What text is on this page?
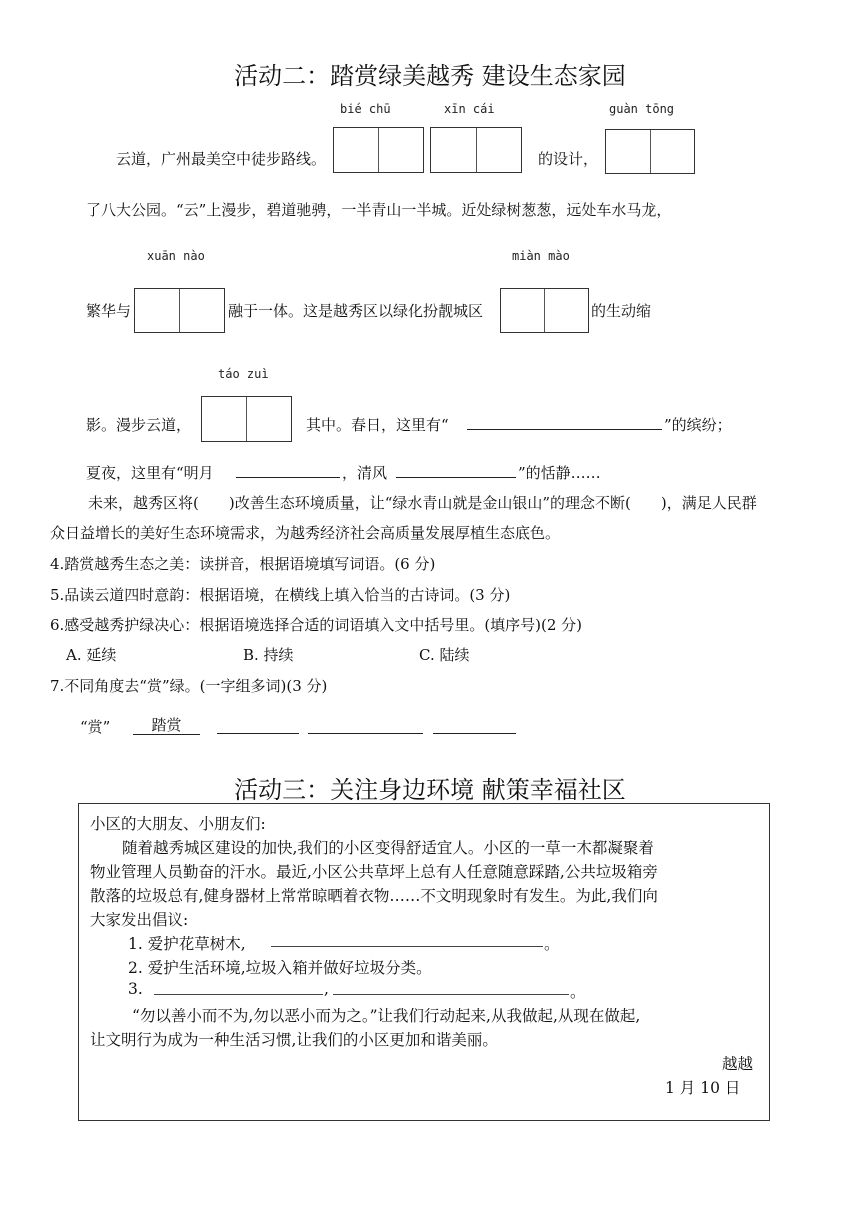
活动二：踏赏绿美越秀 建设生态家园
bié chū	xīn cái	guàn tōng
云道，广州最美空中徒步路线。	的设计，
了八大公园。“云”上漫步，碧道驰骋，一半青山一半城。近处绿树葱葱，远处车水马龙，
xuān nào	miàn mào
繁华与	融于一体。这是越秀区以绿化扮靓城区	的生动缩
táo zuì
影。漫步云道，	其中。春日，这里有“	”的缤纷；
夏夜，这里有“明月	，清风	”的恬静……
未来，越秀区将(　　)改善生态环境质量，让“绿水青山就是金山银山”的理念不断(　　)，满足人民群
众日益增长的美好生态环境需求，为越秀经济社会高质量发展厚植生态底色。
4.踏赏越秀生态之美：读拼音，根据语境填写词语。(6 分)
5.品读云道四时意韵：根据语境，在横线上填入恰当的古诗词。(3 分)
6.感受越秀护绿决心：根据语境选择合适的词语填入文中括号里。(填序号)(2 分)
A. 延续	B. 持续	C. 陆续
7.不同角度去“赏”绿。(一字组多词)(3 分)
“赏”	踏赏
活动三：关注身边环境 献策幸福社区
小区的大朋友、小朋友们:
随着越秀城区建设的加快,我们的小区变得舒适宜人。小区的一草一木都凝聚着
物业管理人员勤奋的汗水。最近,小区公共草坪上总有人任意随意踩踏,公共垃圾箱旁
散落的垃圾总有,健身器材上常常晾晒着衣物……不文明现象时有发生。为此,我们向
大家发出倡议:
1. 爱护花草树木,	。
2. 爱护生活环境,垃圾入箱并做好垃圾分类。
3.	,	。
“勿以善小而不为,勿以恶小而为之。”让我们行动起来,从我做起,从现在做起,
让文明行为成为一种生活习惯,让我们的小区更加和谐美丽。
越越
1 月 10 日
